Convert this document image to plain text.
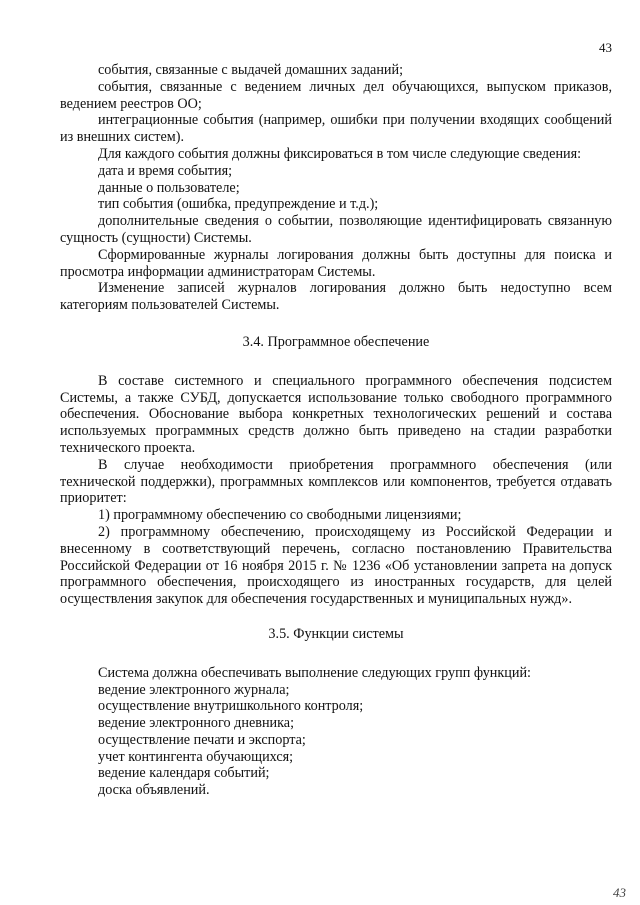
43

события, связанные с выдачей домашних заданий;

события, связанные с ведением личных дел обучающихся, выпуском приказов, ведением реестров ОО;

интеграционные события (например, ошибки при получении входящих сообщений из внешних систем).

Для каждого события должны фиксироваться в том числе следующие сведения:

дата и время события;

данные о пользователе;

тип события (ошибка, предупреждение и т.д.);

дополнительные сведения о событии, позволяющие идентифицировать связанную сущность (сущности) Системы.

Сформированные журналы логирования должны быть доступны для поиска и просмотра информации администраторам Системы.

Изменение записей журналов логирования должно быть недоступно всем категориям пользователей Системы.

3.4. Программное обеспечение

В составе системного и специального программного обеспечения подсистем Системы, а также СУБД, допускается использование только свободного программного обеспечения. Обоснование выбора конкретных технологических решений и состава используемых программных средств должно быть приведено на стадии разработки технического проекта.

В случае необходимости приобретения программного обеспечения (или технической поддержки), программных комплексов или компонентов, требуется отдавать приоритет:

1) программному обеспечению со свободными лицензиями;

2) программному обеспечению, происходящему из Российской Федерации и внесенному в соответствующий перечень, согласно постановлению Правительства Российской Федерации от 16 ноября 2015 г. № 1236 «Об установлении запрета на допуск программного обеспечения, происходящего из иностранных государств, для целей осуществления закупок для обеспечения государственных и муниципальных нужд».

3.5. Функции системы

Система должна обеспечивать выполнение следующих групп функций:

ведение электронного журнала;

осуществление внутришкольного контроля;

ведение электронного дневника;

осуществление печати и экспорта;

учет контингента обучающихся;

ведение календаря событий;

доска объявлений.

43
